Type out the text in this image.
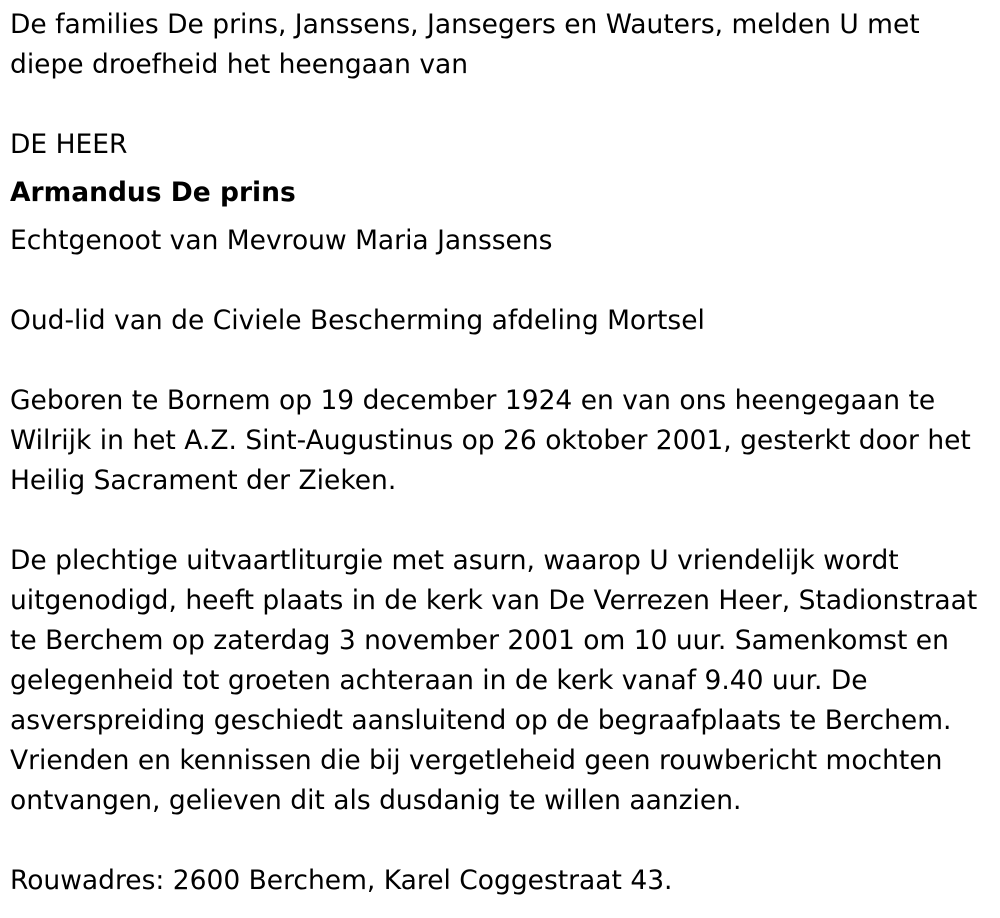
De families De prins, Janssens, Jansegers en Wauters, melden U met
diepe droefheid het heengaan van
DE HEER
Armandus De prins
Echtgenoot van Mevrouw Maria Janssens
Oud-lid van de Civiele Bescherming afdeling Mortsel
Geboren te Bornem op 19 december 1924 en van ons heengegaan te
Wilrijk in het A.Z. Sint-Augustinus op 26 oktober 2001, gesterkt door het
Heilig Sacrament der Zieken.
De plechtige uitvaartliturgie met asurn, waarop U vriendelijk wordt
uitgenodigd, heeft plaats in de kerk van De Verrezen Heer, Stadionstraat
te Berchem op zaterdag 3 november 2001 om 10 uur. Samenkomst en
gelegenheid tot groeten achteraan in de kerk vanaf 9.40 uur. De
asverspreiding geschiedt aansluitend op de begraafplaats te Berchem.
Vrienden en kennissen die bij vergetleheid geen rouwbericht mochten
ontvangen, gelieven dit als dusdanig te willen aanzien.
Rouwadres: 2600 Berchem, Karel Coggestraat 43.
